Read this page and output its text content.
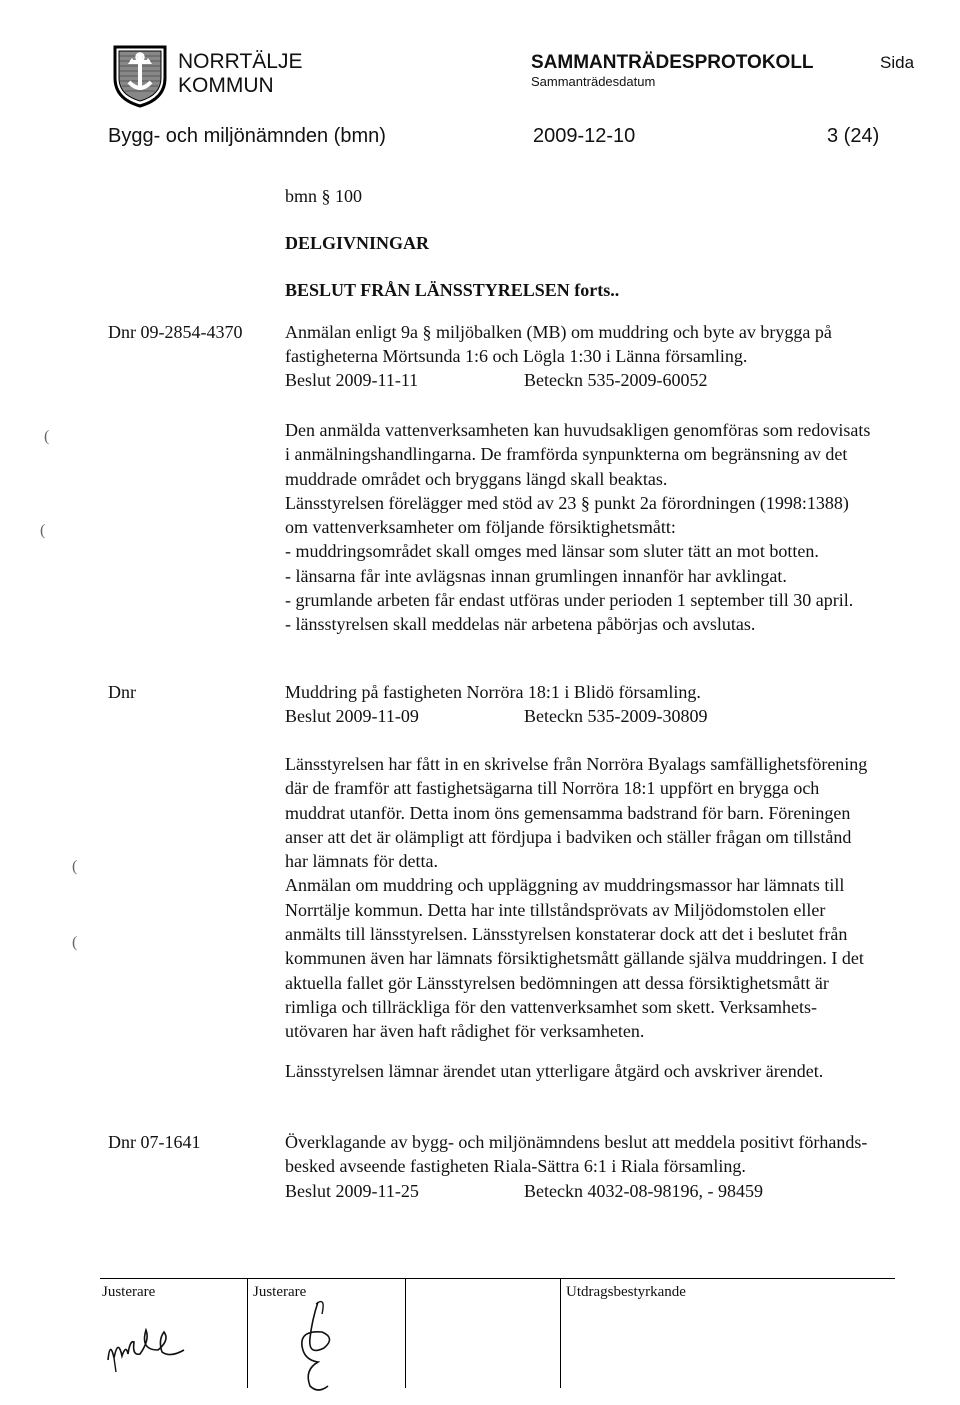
NORRTÄLJE
KOMMUN
SAMMANTRÄDESPROTOKOLL
Sammanträdesdatum
Sida
Bygg- och miljönämnden (bmn)	2009-12-10	3 (24)
bmn § 100
DELGIVNINGAR
BESLUT FRÅN LÄNSSTYRELSEN forts..
Dnr 09-2854-4370 Anmälan enligt 9a § miljöbalken (MB) om muddring och byte av brygga på
fastigheterna Mörtsunda 1:6 och Lögla 1:30 i Länna församling.
Beslut 2009-11-11	Beteckn 535-2009-60052
Den anmälda vattenverksamheten kan huvudsakligen genomföras som redovisats
i anmälningshandlingarna. De framförda synpunkterna om begränsning av det
muddrade området och bryggans längd skall beaktas.
Länsstyrelsen förelägger med stöd av 23 § punkt 2a förordningen (1998:1388)
om vattenverksamheter om följande försiktighetsmått:
- muddringsområdet skall omges med länsar som sluter tätt an mot botten.
- länsarna får inte avlägsnas innan grumlingen innanför har avklingat.
- grumlande arbeten får endast utföras under perioden 1 september till 30 april.
- länsstyrelsen skall meddelas när arbetena påbörjas och avslutas.
Dnr	Muddring på fastigheten Norröra 18:1 i Blidö församling.
Beslut 2009-11-09	Beteckn 535-2009-30809
Länsstyrelsen har fått in en skrivelse från Norröra Byalags samfällighetsförening
där de framför att fastighetsägarna till Norröra 18:1 uppfört en brygga och
muddrat utanför. Detta inom öns gemensamma badstrand för barn. Föreningen
anser att det är olämpligt att fördjupa i badviken och ställer frågan om tillstånd
har lämnats för detta.
Anmälan om muddring och uppläggning av muddringsmassor har lämnats till
Norrtälje kommun. Detta har inte tillståndsprövats av Miljödomstolen eller
anmälts till länsstyrelsen. Länsstyrelsen konstaterar dock att det i beslutet från
kommunen även har lämnats försiktighetsmått gällande själva muddringen. I det
aktuella fallet gör Länsstyrelsen bedömningen att dessa försiktighetsmått är
rimliga och tillräckliga för den vattenverksamhet som skett. Verksamhets-
utövaren har även haft rådighet för verksamheten.
Länsstyrelsen lämnar ärendet utan ytterligare åtgärd och avskriver ärendet.
Dnr 07-1641	Överklagande av bygg- och miljönämndens beslut att meddela positivt förhands-
besked avseende fastigheten Riala-Sättra 6:1 i Riala församling.
Beslut 2009-11-25	Beteckn 4032-08-98196, - 98459
(
(
(
(
Justerare	Justerare	Utdragsbestyrkande
